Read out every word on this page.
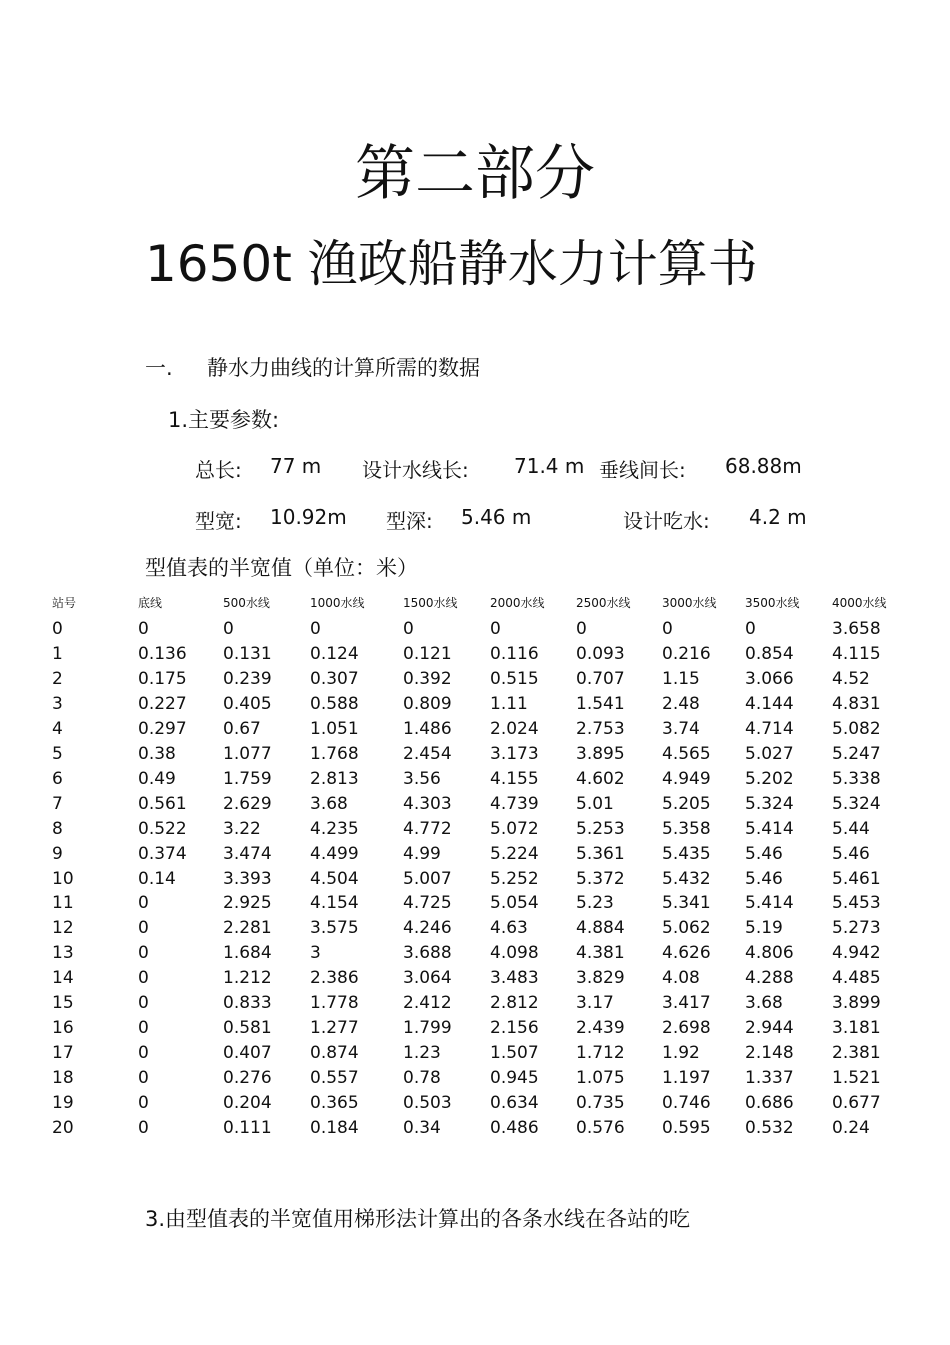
第二部分
1650t 渔政船静水力计算书
一. 静水力曲线的计算所需的数据
1.主要参数:
总长: 77 m 设计水线长: 71.4 m 垂线间长: 68.88m
型宽: 10.92m 型深: 5.46 m	设计吃水: 4.2 m
型值表的半宽值（单位：米）
站号	底线	500水线	1000水线	1500水线	2000水线	2500水线	3000水线 3500水线	4000水线
0	0	0	0	0	0	0	0	0	3.658
1	0.136 0.131 0.124	0.121 0.116 0.093 0.216 0.854 4.115
2	0.175 0.239 0.307	0.392 0.515 0.707 1.15	3.066 4.52
3	0.227 0.405 0.588	0.809 1.11	1.541 2.48	4.144 4.831
4	0.297 0.67	1.051	1.486 2.024 2.753 3.74	4.714 5.082
5	0.38	1.077 1.768	2.454 3.173 3.895 4.565 5.027 5.247
6	0.49	1.759 2.813	3.56	4.155 4.602 4.949 5.202 5.338
7	0.561 2.629 3.68	4.303 4.739 5.01	5.205 5.324 5.324
8	0.522 3.22	4.235	4.772 5.072 5.253 5.358 5.414 5.44
9	0.374 3.474 4.499	4.99	5.224 5.361 5.435 5.46	5.46
10	0.14	3.393 4.504	5.007 5.252 5.372 5.432 5.46	5.461
11	0	2.925 4.154	4.725 5.054 5.23	5.341 5.414 5.453
12	0	2.281 3.575	4.246 4.63	4.884 5.062 5.19	5.273
13	0	1.684 3	3.688 4.098 4.381 4.626 4.806 4.942
14	0	1.212 2.386	3.064 3.483 3.829 4.08	4.288 4.485
15	0	0.833 1.778	2.412 2.812 3.17	3.417 3.68	3.899
16	0	0.581 1.277	1.799 2.156 2.439 2.698 2.944 3.181
17	0	0.407 0.874	1.23	1.507 1.712 1.92	2.148 2.381
18	0	0.276 0.557	0.78	0.945 1.075 1.197 1.337 1.521
19	0	0.204 0.365	0.503 0.634 0.735 0.746 0.686 0.677
20	0	0.111 0.184	0.34	0.486 0.576 0.595 0.532 0.24
3.由型值表的半宽值用梯形法计算出的各条水线在各站的吃
